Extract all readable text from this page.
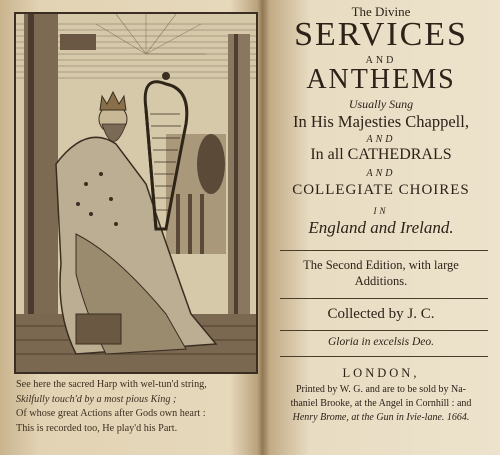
See here the sacred Harp with wel-tun'd string,
Skilfully touch'd by a most pious King ;
Of whose great Actions after Gods own heart :
This is recorded too, He play'd his Part.
The Divine
SERVICES
AND
ANTHEMS
Usually Sung
In His Majesties Chappell,
AND
In all CATHEDRALS
AND
COLLEGIATE CHOIRES
IN
England and Ireland.
The Second Edition, with large
Additions.
Collected by J. C.
Gloria in excelsis Deo.
LONDON,
Printed by W. G. and are to be sold by Na-
thaniel Brooke, at the Angel in Cornhill : and
Henry Brome, at the Gun in Ivie-lane. 1664.
